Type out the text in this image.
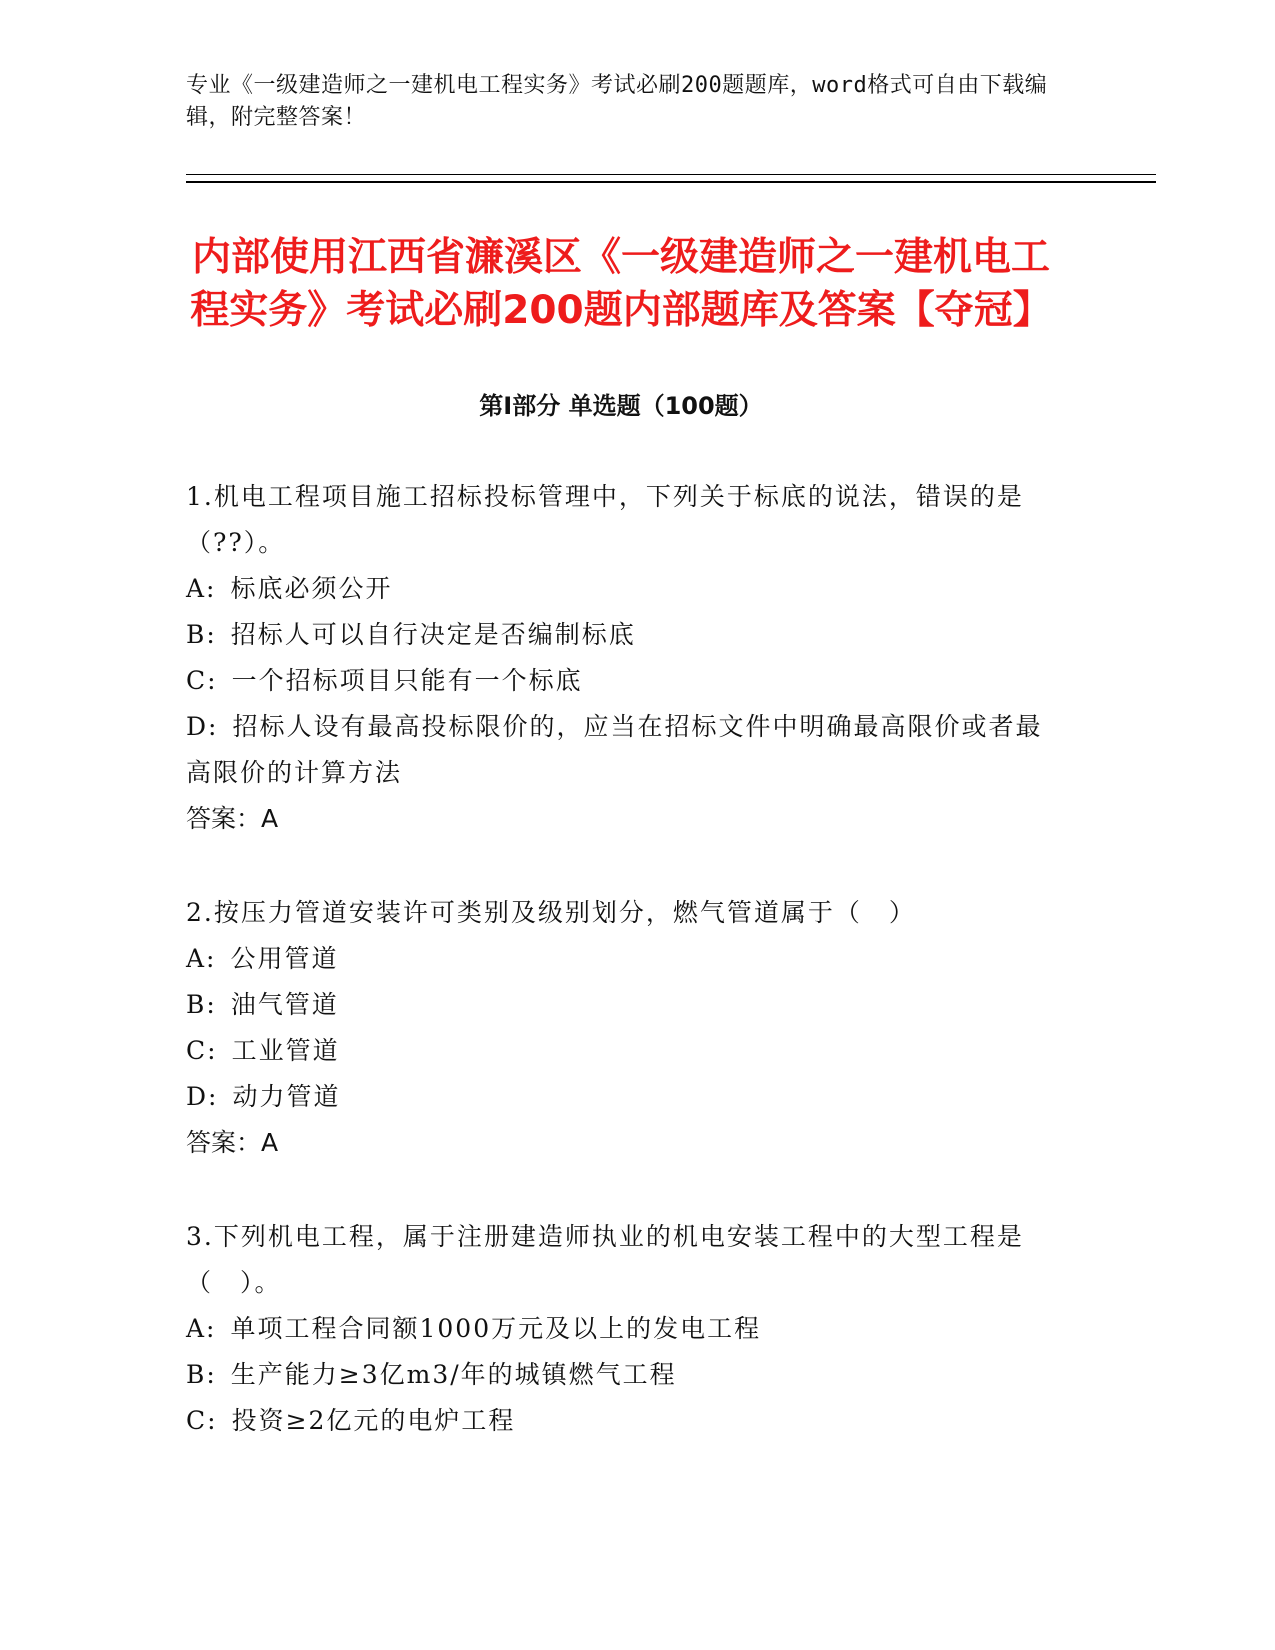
专业《一级建造师之一建机电工程实务》考试必刷200题题库，word格式可自由下载编辑，附完整答案！

内部使用江西省濂溪区《一级建造师之一建机电工程实务》考试必刷200题内部题库及答案【夺冠】
第Ⅰ部分 单选题（100题）

1.机电工程项目施工招标投标管理中，下列关于标底的说法，错误的是（??）。

A: 标底必须公开

B: 招标人可以自行决定是否编制标底

C: 一个招标项目只能有一个标底

D: 招标人设有最高投标限价的，应当在招标文件中明确最高限价或者最高限价的计算方法

答案：A

2.按压力管道安装许可类别及级别划分，燃气管道属于（　）

A: 公用管道

B: 油气管道

C: 工业管道

D: 动力管道

答案：A

3.下列机电工程，属于注册建造师执业的机电安装工程中的大型工程是（　）。

A: 单项工程合同额1000万元及以上的发电工程

B: 生产能力≥3亿m3/年的城镇燃气工程

C: 投资≥2亿元的电炉工程
